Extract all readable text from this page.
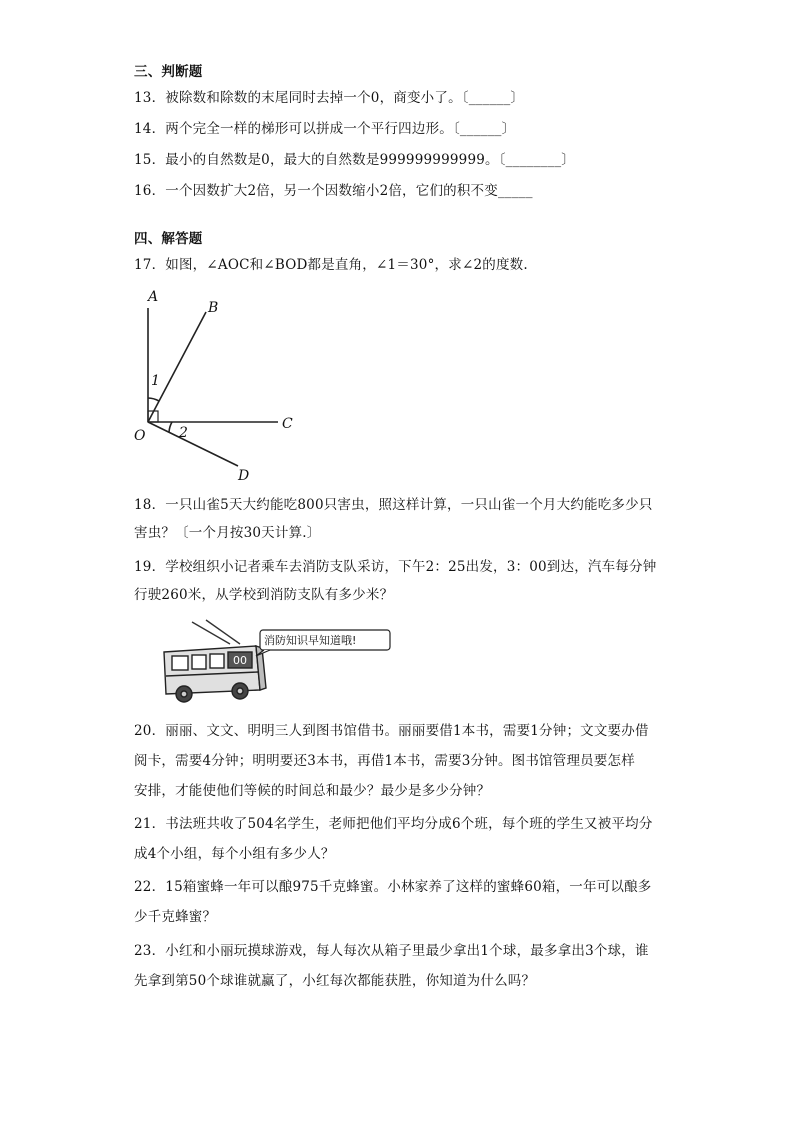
三、判断题
13．被除数和除数的末尾同时去掉一个0，商变小了。〔______〕
14．两个完全一样的梯形可以拼成一个平行四边形。〔______〕
15．最小的自然数是0，最大的自然数是999999999999。〔________〕
16．一个因数扩大2倍，另一个因数缩小2倍，它们的积不变_____
四、解答题
17．如图，∠AOC和∠BOD都是直角，∠1＝30°，求∠2的度数.
A
B
C
D
O
1
2
18．一只山雀5天大约能吃800只害虫，照这样计算，一只山雀一个月大约能吃多少只
害虫？〔一个月按30天计算.〕
19．学校组织小记者乘车去消防支队采访，下午2：25出发，3：00到达，汽车每分钟
行驶260米，从学校到消防支队有多少米？
00
消防知识早知道哦!
20．丽丽、文文、明明三人到图书馆借书。丽丽要借1本书，需要1分钟；文文要办借
阅卡，需要4分钟；明明要还3本书，再借1本书，需要3分钟。图书馆管理员要怎样
安排，才能使他们等候的时间总和最少？最少是多少分钟？
21．书法班共收了504名学生，老师把他们平均分成6个班，每个班的学生又被平均分
成4个小组，每个小组有多少人？
22．15箱蜜蜂一年可以酿975千克蜂蜜。小林家养了这样的蜜蜂60箱，一年可以酿多
少千克蜂蜜？
23．小红和小丽玩摸球游戏，每人每次从箱子里最少拿出1个球，最多拿出3个球，谁
先拿到第50个球谁就赢了，小红每次都能获胜，你知道为什么吗？
